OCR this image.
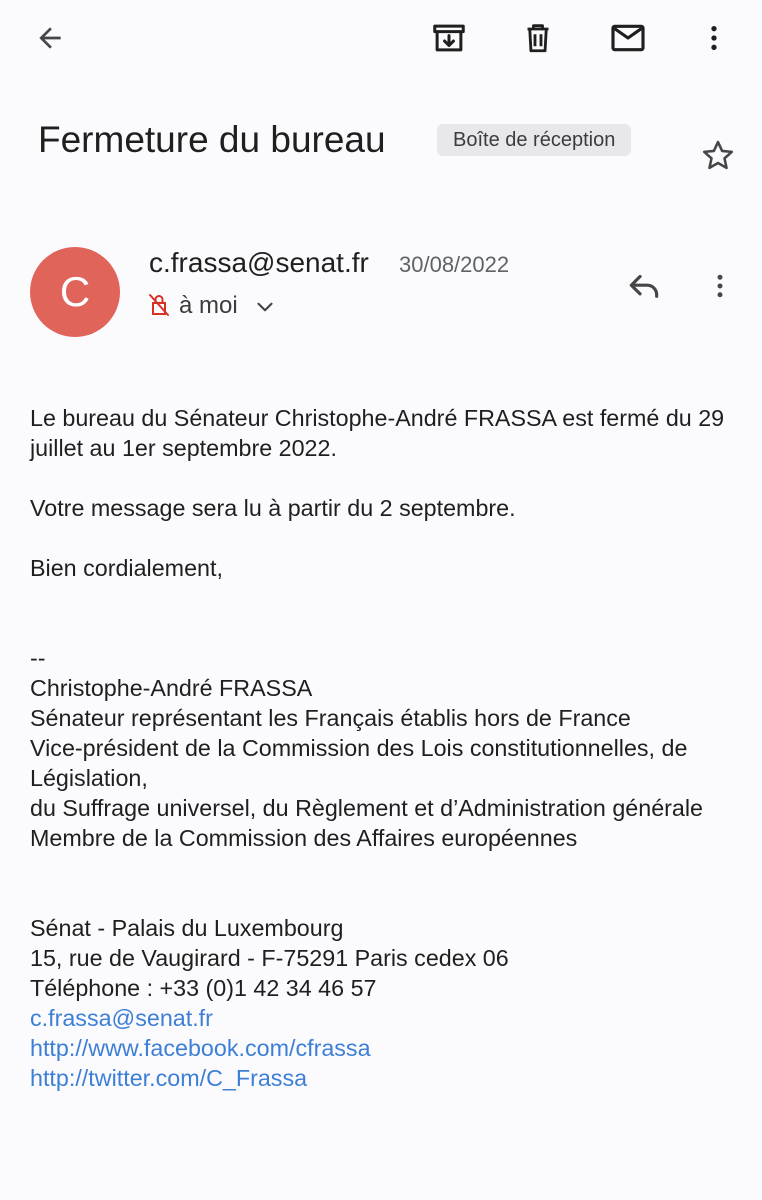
Fermeture du bureau	Boîte de réception
C
c.frassa@senat.fr 30/08/2022
à moi

Le bureau du Sénateur Christophe-André FRASSA est fermé du 29 juillet au 1er septembre 2022.

Votre message sera lu à partir du 2 septembre.

Bien cordialement,

--

Christophe-André FRASSA

Sénateur représentant les Français établis hors de France

Vice-président de la Commission des Lois constitutionnelles, de Législation,

du Suffrage universel, du Règlement et d’Administration générale

Membre de la Commission des Affaires européennes

Sénat - Palais du Luxembourg

15, rue de Vaugirard - F-75291 Paris cedex 06

Téléphone : +33 (0)1 42 34 46 57

c.frassa@senat.fr
http://www.facebook.com/cfrassa
http://twitter.com/C_Frassa
